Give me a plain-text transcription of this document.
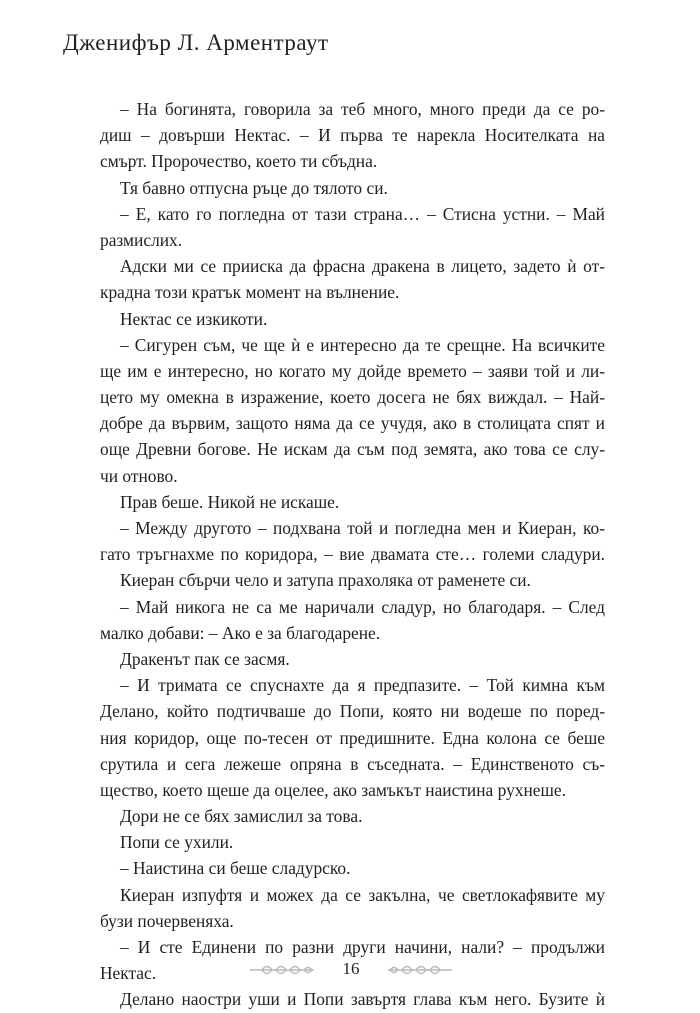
Дженифър Л. Арментраут
– На богинята, говорила за теб много, много преди да се ро-
диш – довърши Нектас. – И първа те нарекла Носителката на
смърт. Пророчество, което ти сбъдна.
Тя бавно отпусна ръце до тялото си.
– Е, като го погледна от тази страна… – Стисна устни. – Май
размислих.
Адски ми се прииска да фрасна дракена в лицето, задето ѝ от-
крадна този кратък момент на вълнение.
Нектас се изкикоти.
– Сигурен съм, че ще ѝ е интересно да те срещне. На всичките
ще им е интересно, но когато му дойде времето – заяви той и ли-
цето му омекна в изражение, което досега не бях виждал. – Най-
добре да вървим, защото няма да се учудя, ако в столицата спят и
още Древни богове. Не искам да съм под земята, ако това се слу-
чи отново.
Прав беше. Никой не искаше.
– Между другото – подхвана той и погледна мен и Киеран, ко-
гато тръгнахме по коридора, – вие двамата сте… големи сладури.
Киеран сбърчи чело и затупа прахоляка от раменете си.
– Май никога не са ме наричали сладур, но благодаря. – След
малко добави: – Ако е за благодарене.
Дракенът пак се засмя.
– И тримата се спуснахте да я предпазите. – Той кимна към
Делано, който подтичваше до Попи, която ни водеше по поред-
ния коридор, още по-тесен от предишните. Една колона се беше
срутила и сега лежеше опряна в съседната. – Единственото съ-
щество, което щеше да оцелее, ако замъкът наистина рухнеше.
Дори не се бях замислил за това.
Попи се ухили.
– Наистина си беше сладурско.
Киеран изпуфтя и можех да се закълна, че светлокафявите му
бузи почервеняха.
– И сте Единени по разни други начини, нали? – продължи
Нектас.
Делано наостри уши и Попи завъртя глава към него. Бузите ѝ
16
